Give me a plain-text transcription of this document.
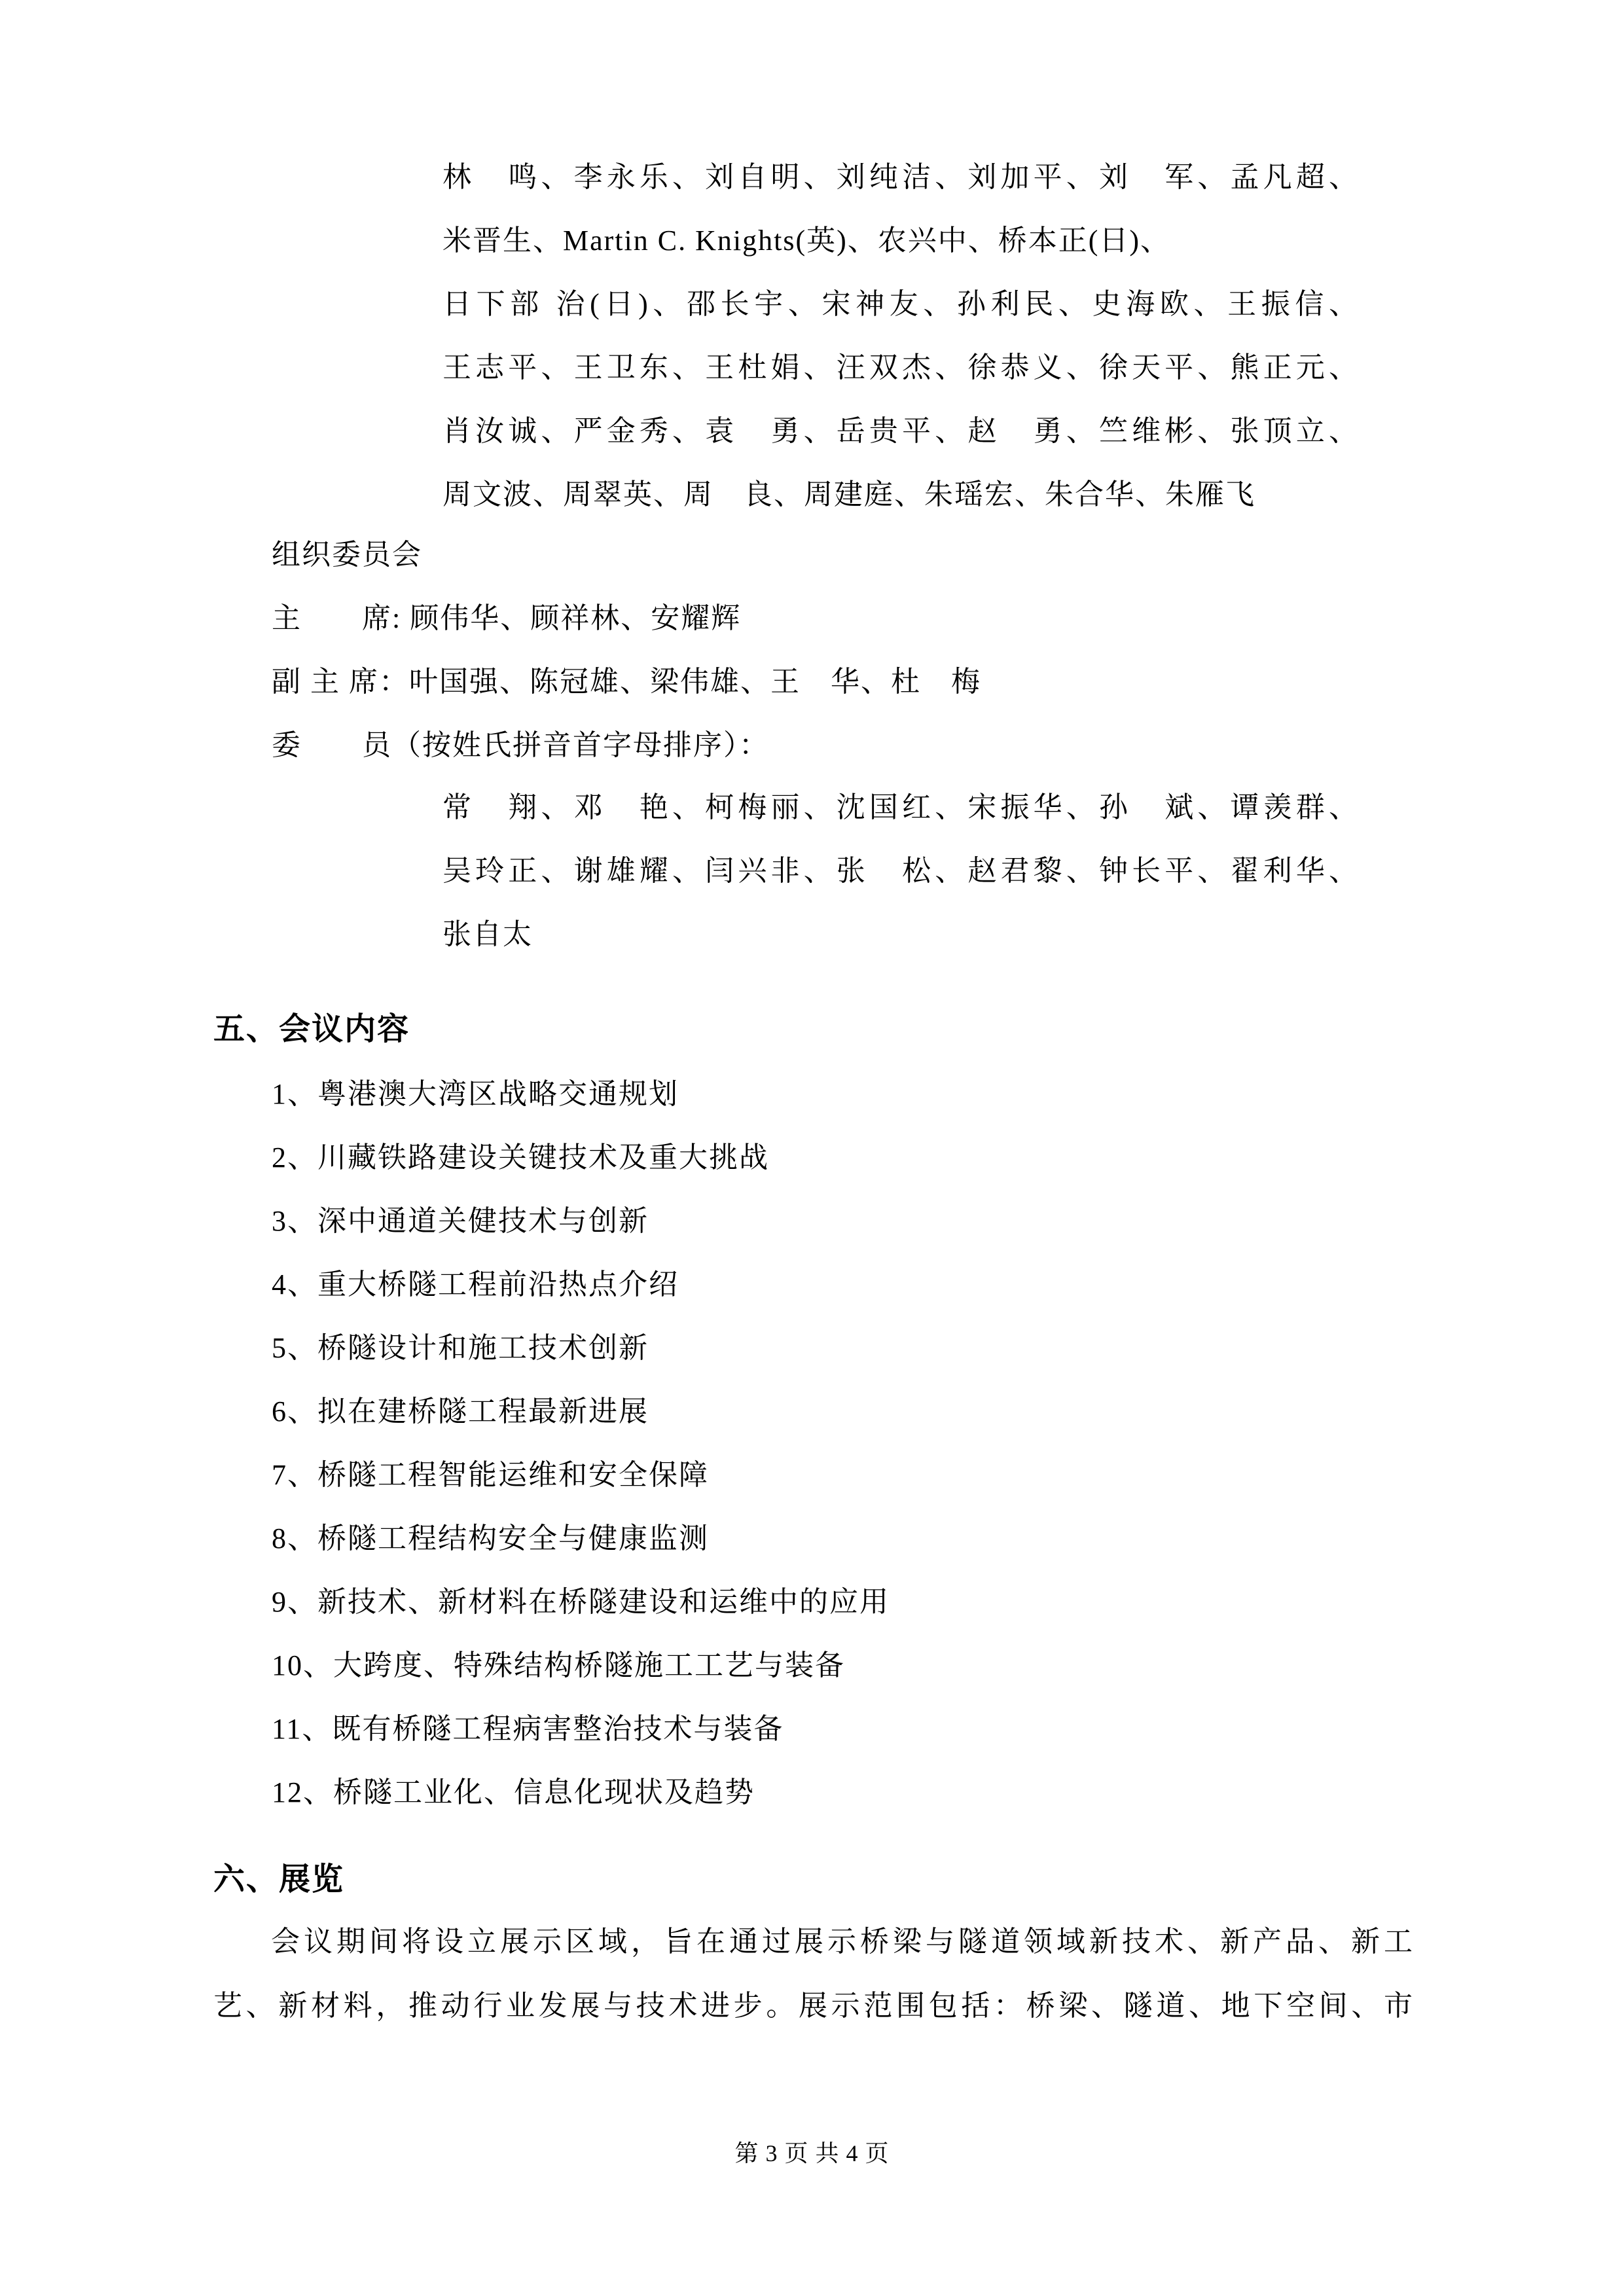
林　鸣、李永乐、刘自明、刘纯洁、刘加平、刘　军、孟凡超、
米晋生、Martin C. Knights(英)、农兴中、桥本正(日)、
日下部 治(日)、邵长宇、宋神友、孙利民、史海欧、王振信、
王志平、王卫东、王杜娟、汪双杰、徐恭义、徐天平、熊正元、
肖汝诚、严金秀、袁　勇、岳贵平、赵　勇、竺维彬、张顶立、
周文波、周翠英、周　良、周建庭、朱瑶宏、朱合华、朱雁飞
组织委员会
主　　席: 顾伟华、顾祥林、安耀辉
副 主 席：叶国强、陈冠雄、梁伟雄、王　华、杜　梅
委　　员（按姓氏拼音首字母排序）：
常　翔、邓　艳、柯梅丽、沈国红、宋振华、孙　斌、谭羡群、
吴玲正、谢雄耀、闫兴非、张　松、赵君黎、钟长平、翟利华、
张自太
五、会议内容
1、粤港澳大湾区战略交通规划
2、川藏铁路建设关键技术及重大挑战
3、深中通道关健技术与创新
4、重大桥隧工程前沿热点介绍
5、桥隧设计和施工技术创新
6、拟在建桥隧工程最新进展
7、桥隧工程智能运维和安全保障
8、桥隧工程结构安全与健康监测
9、新技术、新材料在桥隧建设和运维中的应用
10、大跨度、特殊结构桥隧施工工艺与装备
11、既有桥隧工程病害整治技术与装备
12、桥隧工业化、信息化现状及趋势
六、展览
会议期间将设立展示区域，旨在通过展示桥梁与隧道领域新技术、新产品、新工
艺、新材料，推动行业发展与技术进步。展示范围包括：桥梁、隧道、地下空间、市
第 3 页 共 4 页
